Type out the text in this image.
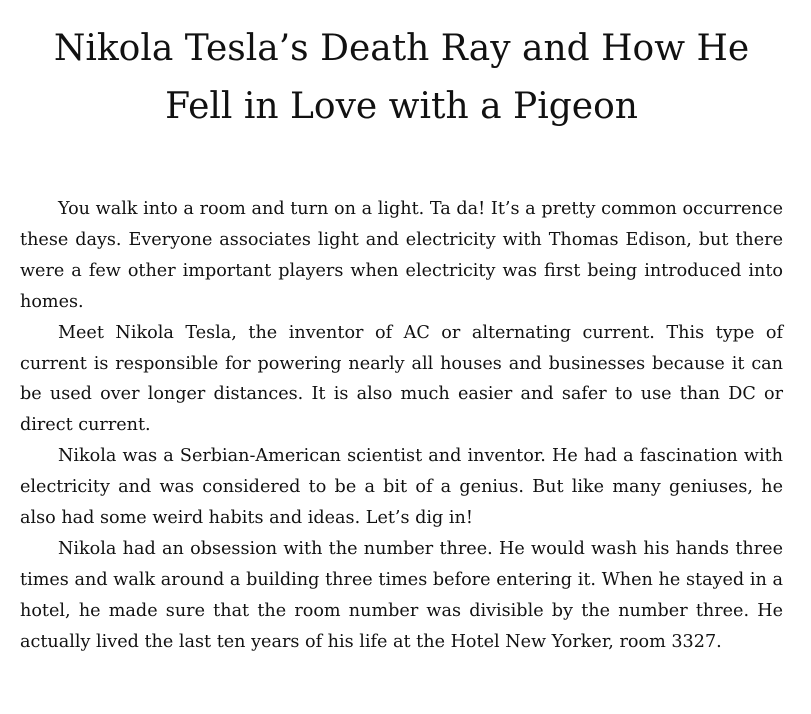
Nikola Tesla’s Death Ray and How He
Fell in Love with a Pigeon

You walk into a room and turn on a light. Ta da! It’s a pretty common occurrence these days. Everyone associates light and electricity with Thomas Edison, but there were a few other important players when electricity was first being introduced into homes.

Meet Nikola Tesla, the inventor of AC or alternating current. This type of current is responsible for powering nearly all houses and businesses because it can be used over longer distances. It is also much easier and safer to use than DC or direct current.

Nikola was a Serbian-American scientist and inventor. He had a fascination with electricity and was considered to be a bit of a genius. But like many geniuses, he also had some weird habits and ideas. Let’s dig in!

Nikola had an obsession with the number three. He would wash his hands three times and walk around a building three times before entering it. When he stayed in a hotel, he made sure that the room number was divisible by the number three. He actually lived the last ten years of his life at the Hotel New Yorker, room 3327.
